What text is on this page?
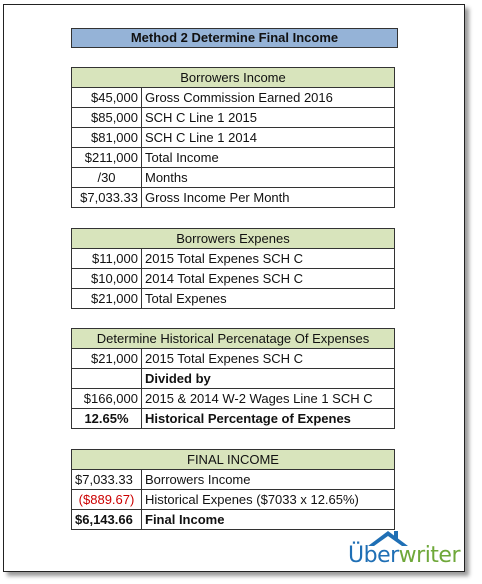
Method 2 Determine Final Income
Borrowers Income	
$45,000	Gross Commission Earned 2016
$85,000	SCH C Line 1 2015
$81,000	SCH C Line 1 2014
$211,000	Total Income
/30	Months
$7,033.33	Gross Income Per Month
Borrowers Expenes	
$11,000	2015 Total Expenes SCH C
$10,000	2014 Total Expenes SCH C
$21,000	Total Expenes
Determine Historical Percenatage Of Expenses	
$21,000	2015 Total Expenes SCH C
	Divided by
$166,000	2015 & 2014 W-2 Wages Line 1 SCH C
12.65%	Historical Percentage of Expenes
FINAL INCOME	
$7,033.33	Borrowers Income
($889.67)	Historical Expenes ($7033 x 12.65%)
$6,143.66	Final Income
Überwriter
